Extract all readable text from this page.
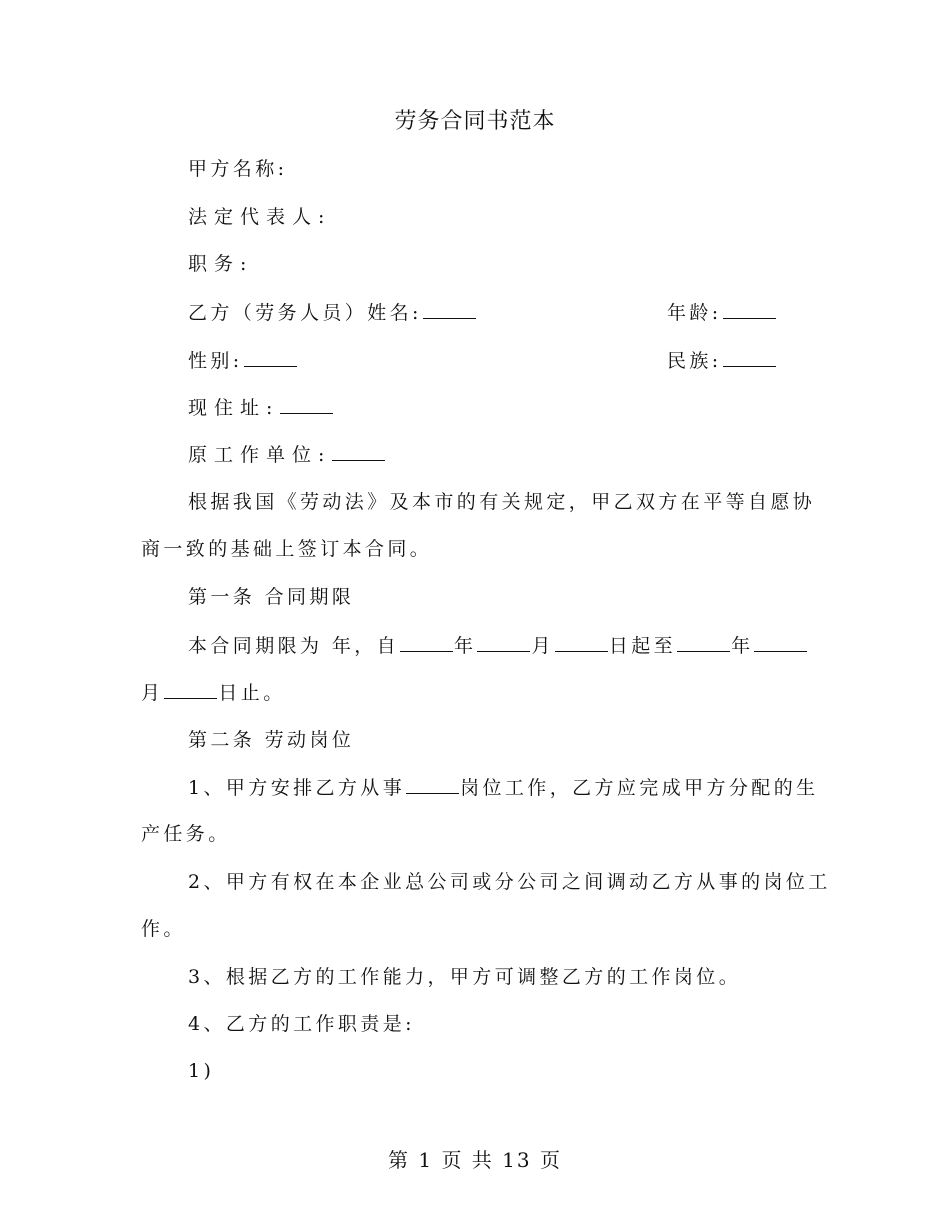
劳务合同书范本
甲方名称:
法定代表人:
职务:
乙方（劳务人员）姓名:	年龄:
性别:	民族:
现住址:
原工作单位:
根据我国《劳动法》及本市的有关规定，甲乙双方在平等自愿协
商一致的基础上签订本合同。
第一条 合同期限
本合同期限为 年，自	年	月	日起至	年
月	日止。
第二条 劳动岗位
1、甲方安排乙方从事	岗位工作，乙方应完成甲方分配的生
产任务。
2、甲方有权在本企业总公司或分公司之间调动乙方从事的岗位工
作。
3、根据乙方的工作能力，甲方可调整乙方的工作岗位。
4、乙方的工作职责是:
1)
第 1 页 共 13 页
